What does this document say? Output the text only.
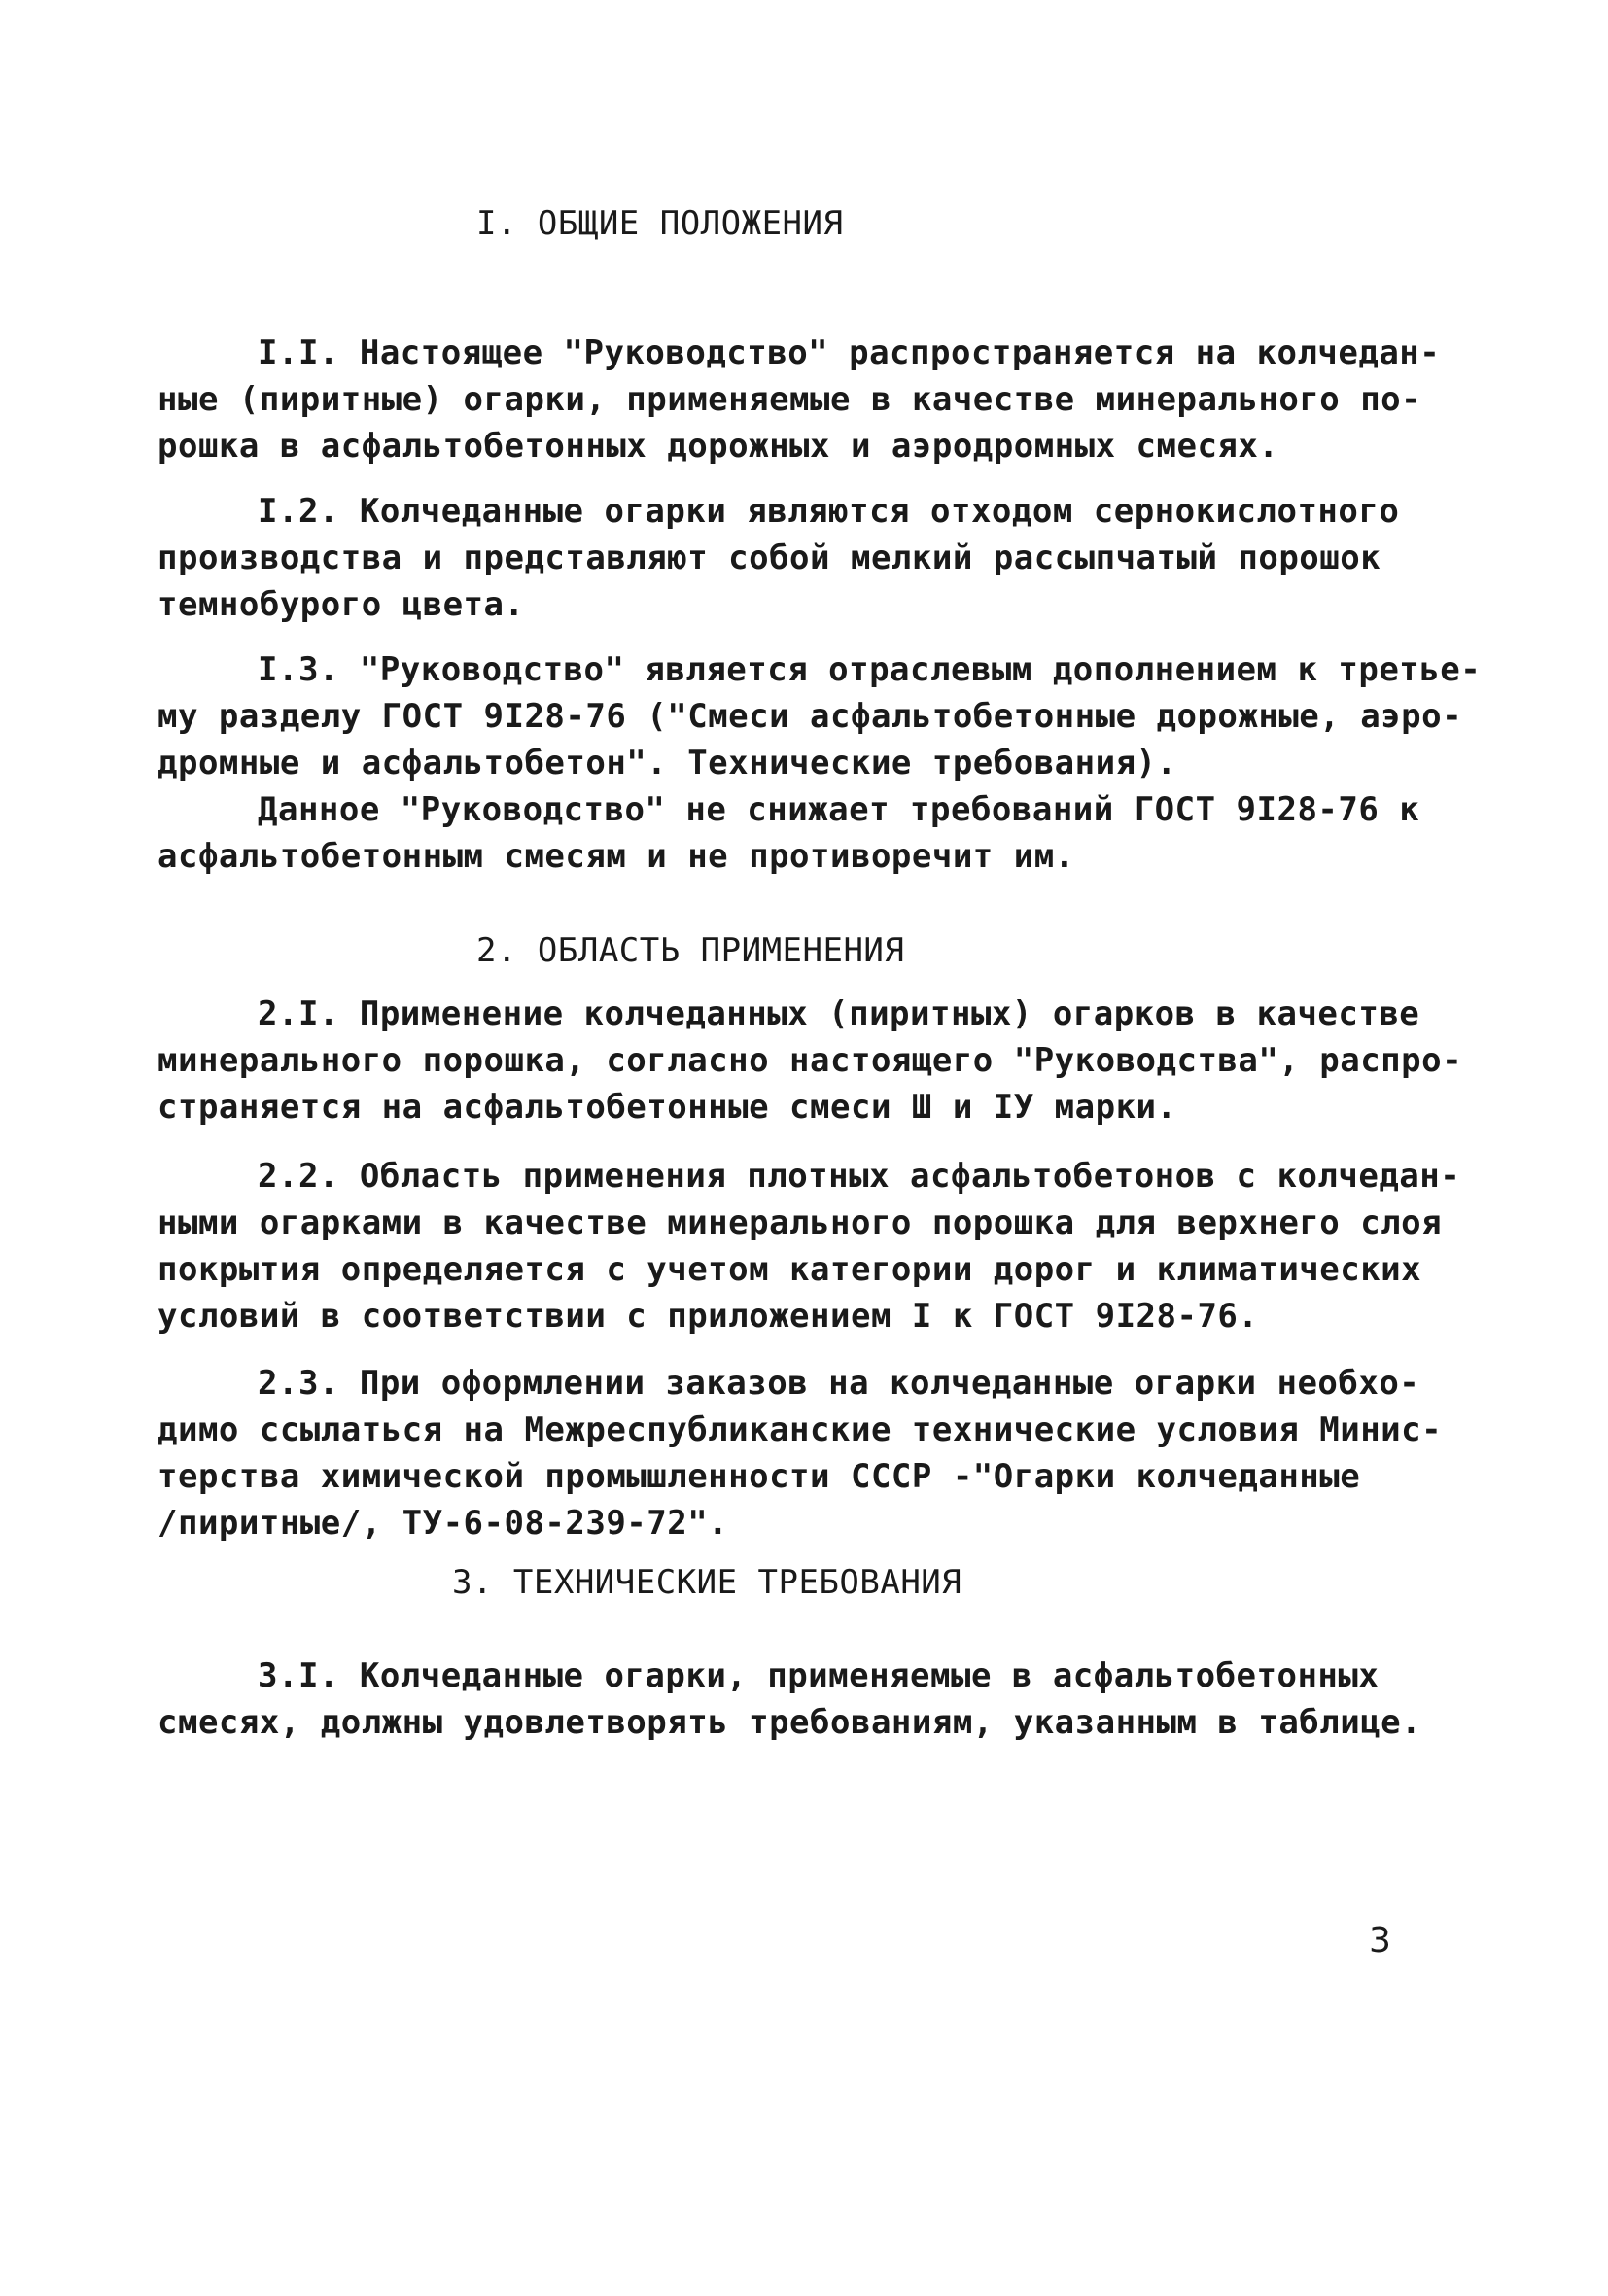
I. ОБЩИЕ ПОЛОЖЕНИЯ
I.I. Настоящее "Руководство" распространяется на колчедан-
ные (пиритные) огарки, применяемые в качестве минерального по-
рошка в асфальтобетонных дорожных и аэродромных смесях.
I.2. Колчеданные огарки являются отходом сернокислотного
производства и представляют собой мелкий рассыпчатый порошок
темнобурого цвета.
I.3. "Руководство" является отраслевым дополнением к третье-
му разделу ГОСТ 9I28-76 ("Смеси асфальтобетонные дорожные, аэро-
дромные и асфальтобетон". Технические требования).
Данное "Руководство" не снижает требований ГОСТ 9I28-76 к
асфальтобетонным смесям и не противоречит им.
2. ОБЛАСТЬ ПРИМЕНЕНИЯ
2.I. Применение колчеданных (пиритных) огарков в качестве
минерального порошка, согласно настоящего "Руководства", распро-
страняется на асфальтобетонные смеси Ш и IУ марки.
2.2. Область применения плотных асфальтобетонов с колчедан-
ными огарками в качестве минерального порошка для верхнего слоя
покрытия определяется с учетом категории дорог и климатических
условий в соответствии с приложением I к ГОСТ 9I28-76.
2.3. При оформлении заказов на колчеданные огарки необхо-
димо ссылаться на Межреспубликанские технические условия Минис-
терства химической промышленности СССР -"Огарки колчеданные
/пиритные/, ТУ-6-08-239-72".
3. ТЕХНИЧЕСКИЕ ТРЕБОВАНИЯ
3.I. Колчеданные огарки, применяемые в асфальтобетонных
смесях, должны удовлетворять требованиям, указанным в таблице.
3
